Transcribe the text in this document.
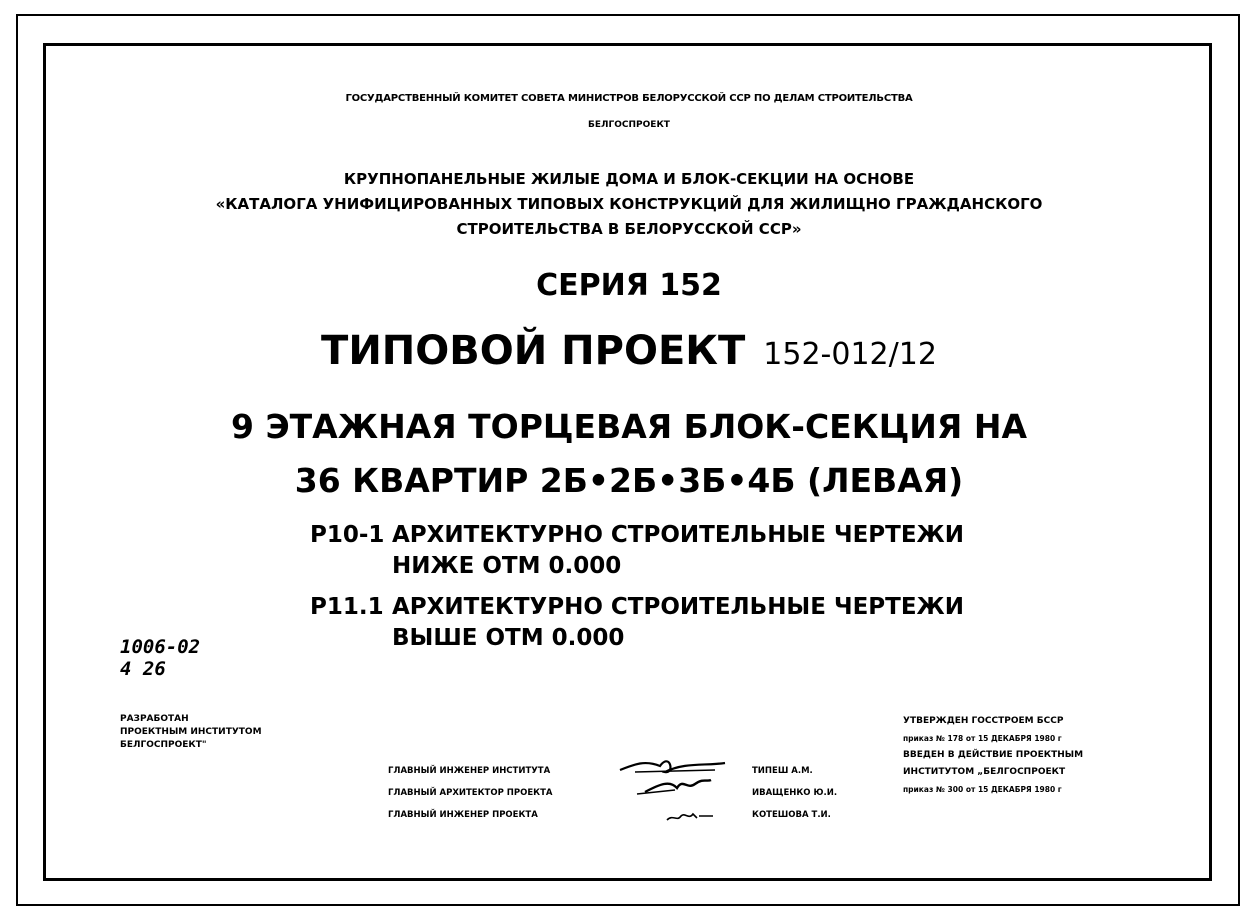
ГОСУДАРСТВЕННЫЙ КОМИТЕТ СОВЕТА МИНИСТРОВ БЕЛОРУССКОЙ ССР ПО ДЕЛАМ СТРОИТЕЛЬСТВА
БЕЛГОСПРОЕКТ
КРУПНОПАНЕЛЬНЫЕ ЖИЛЫЕ ДОМА И БЛОК-СЕКЦИИ НА ОСНОВЕ
«КАТАЛОГА УНИФИЦИРОВАННЫХ ТИПОВЫХ КОНСТРУКЦИЙ ДЛЯ ЖИЛИЩНО ГРАЖДАНСКОГО
СТРОИТЕЛЬСТВА В БЕЛОРУССКОЙ ССР»
СЕРИЯ 152
ТИПОВОЙ ПРОЕКТ 152-012/12
9 ЭТАЖНАЯ ТОРЦЕВАЯ БЛОК-СЕКЦИЯ НА
36 КВАРТИР 2Б•2Б•3Б•4Б (ЛЕВАЯ)
Р10-1 АРХИТЕКТУРНО СТРОИТЕЛЬНЫЕ ЧЕРТЕЖИ
НИЖЕ ОТМ 0.000
Р11.1 АРХИТЕКТУРНО СТРОИТЕЛЬНЫЕ ЧЕРТЕЖИ
ВЫШЕ ОТМ 0.000
1006-02
4 26
РАЗРАБОТАН
ПРОЕКТНЫМ ИНСТИТУТОМ
БЕЛГОСПРОЕКТ"
ГЛАВНЫЙ ИНЖЕНЕР ИНСТИТУТА
ГЛАВНЫЙ АРХИТЕКТОР ПРОЕКТА
ГЛАВНЫЙ ИНЖЕНЕР ПРОЕКТА
ТИПЕШ А.М.
ИВАЩЕНКО Ю.И.
КОТЕШОВА Т.И.
УТВЕРЖДЕН ГОССТРОЕМ БССР
приказ № 178 от 15 ДЕКАБРЯ 1980 г
ВВЕДЕН В ДЕЙСТВИЕ ПРОЕКТНЫМ
ИНСТИТУТОМ „БЕЛГОСПРОЕКТ
приказ № 300 от 15 ДЕКАБРЯ 1980 г
